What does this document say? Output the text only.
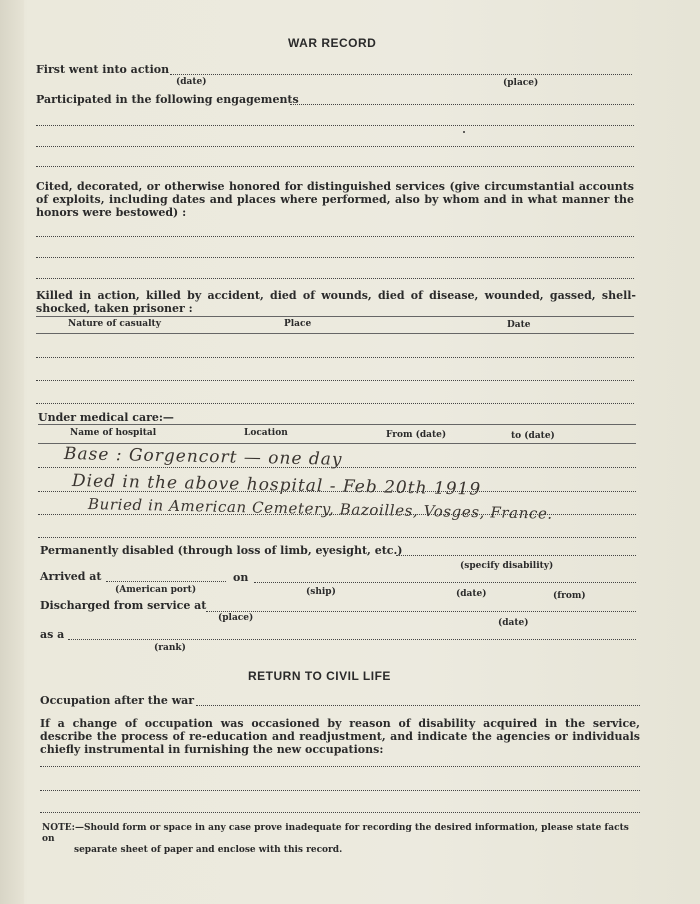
WAR RECORD
First went into action
(date)	(place)
Participated in the following engagements
Cited, decorated, or otherwise honored for distinguished services (give circumstantial accounts of exploits, including dates and places where performed, also by whom and in what manner the honors were bestowed) :
Killed in action, killed by accident, died of wounds, died of disease, wounded, gassed, shell-shocked, taken prisoner :
Nature of casualty	Place	Date
Under medical care:—
Name of hospital	Location	From (date)	to (date)
Base : Gorgencort — one day
Died in the above hospital - Feb 20th 1919
Buried in American Cemetery, Bazoilles, Vosges, France.
Permanently disabled (through loss of limb, eyesight, etc.)
(specify disability)
Arrived at	on
(American port)	(ship)	(date)	(from)
Discharged from service at
(place)	(date)
as a
(rank)
RETURN TO CIVIL LIFE
Occupation after the war
If a change of occupation was occasioned by reason of disability acquired in the service, describe the process of re-education and readjustment, and indicate the agencies or individuals chiefly instrumental in furnishing the new occupations:
NOTE:—Should form or space in any case prove inadequate for recording the desired information, please state facts on
separate sheet of paper and enclose with this record.
